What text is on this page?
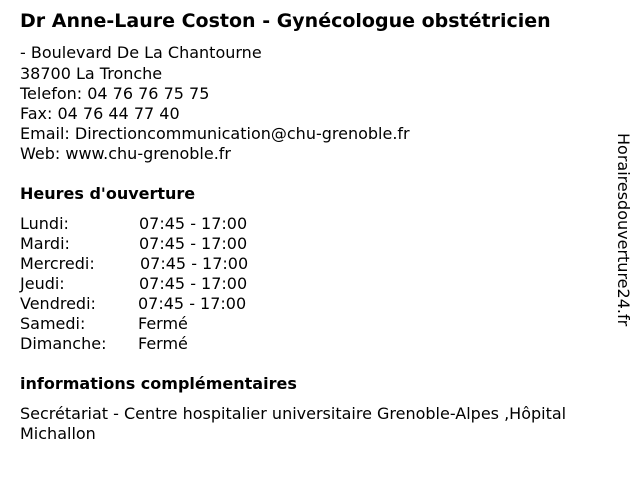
Dr Anne-Laure Coston - Gynécologue obstétricien
- Boulevard De La Chantourne
38700 La Tronche
Telefon: 04 76 76 75 75
Fax: 04 76 44 77 40
Email: Directioncommunication@chu-grenoble.fr
Web: www.chu-grenoble.fr
Heures d'ouverture
Lundi:	07:45 - 17:00
Mardi:	07:45 - 17:00
Mercredi:	07:45 - 17:00
Jeudi:	07:45 - 17:00
Vendredi:	07:45 - 17:00
Samedi:	Fermé
Dimanche: Fermé
informations complémentaires
Secrétariat - Centre hospitalier universitaire Grenoble-Alpes ,Hôpital Michallon
Horairesdouverture24.fr
